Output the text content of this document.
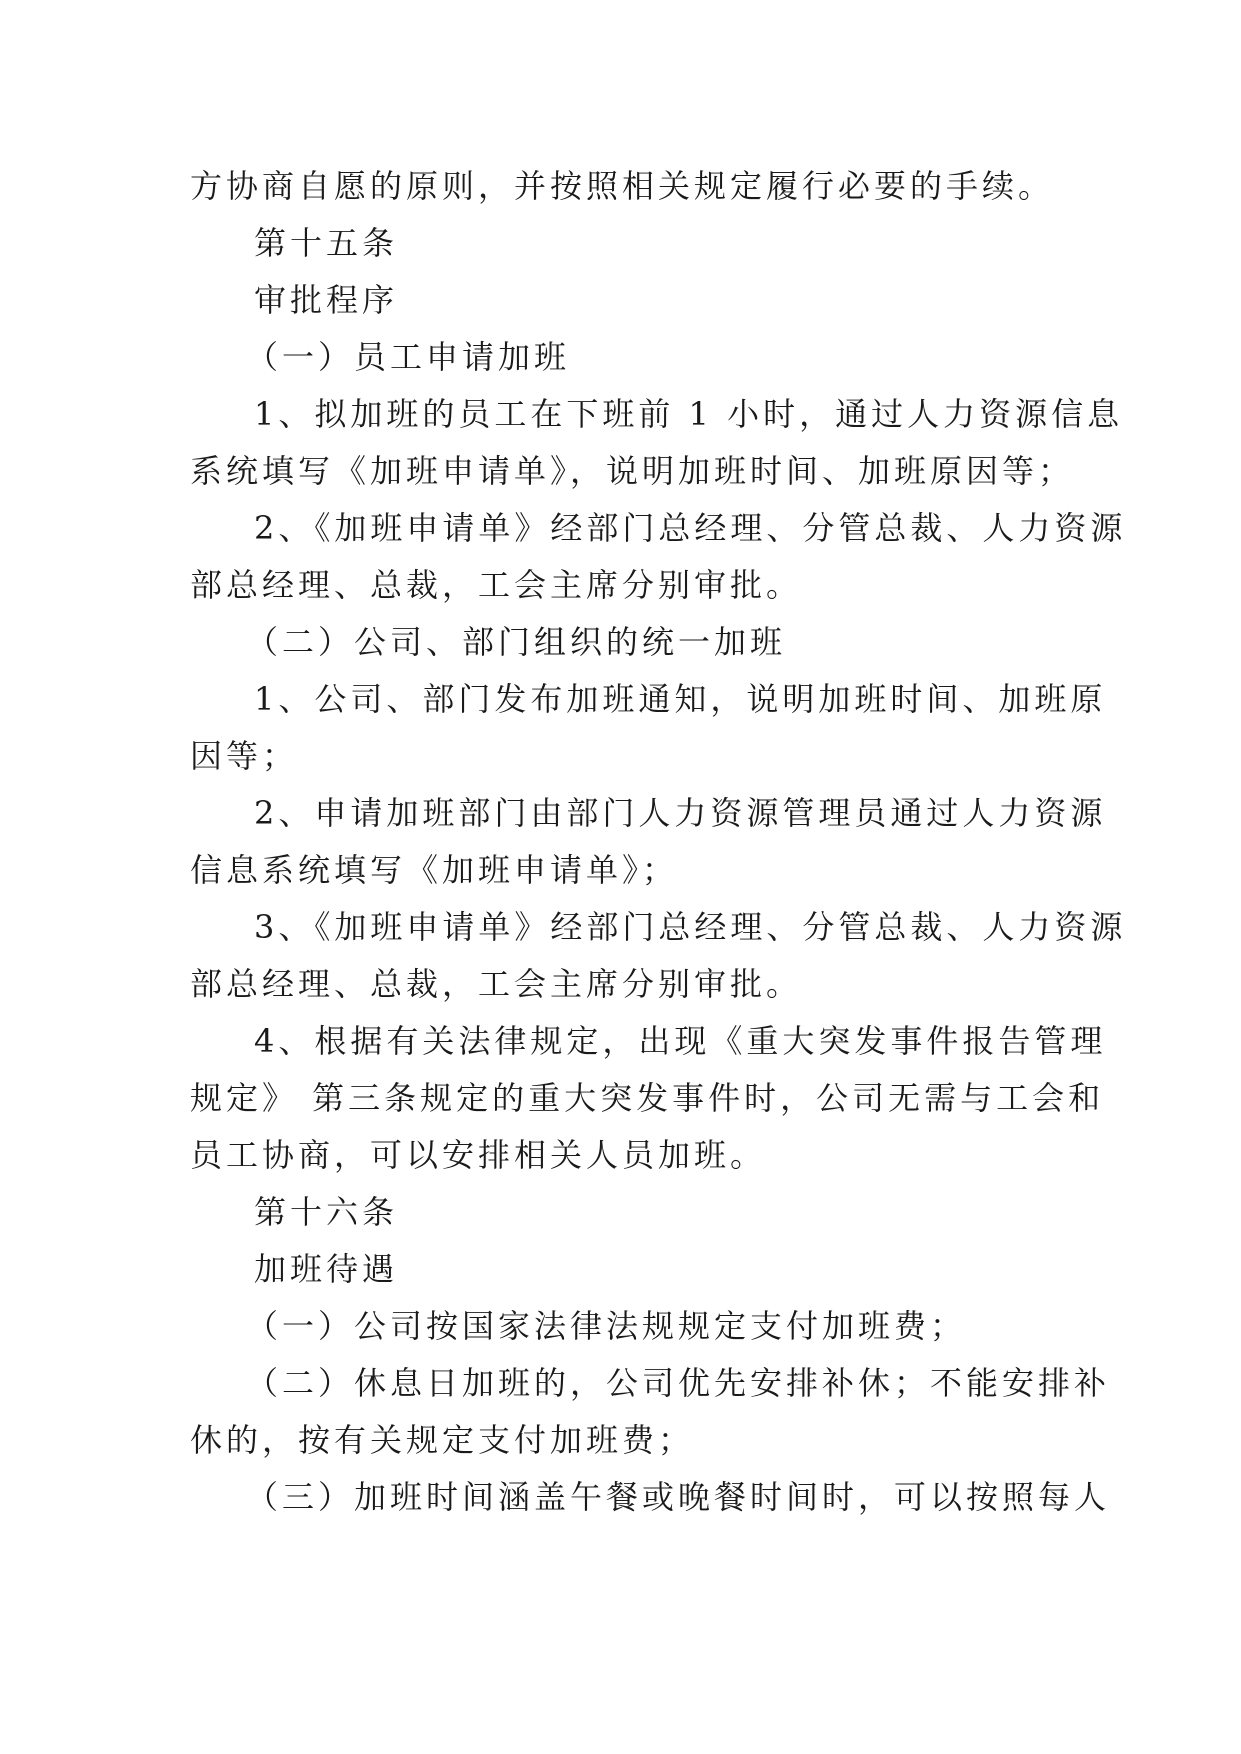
方协商自愿的原则，并按照相关规定履行必要的手续。
第十五条
审批程序
（一）员工申请加班
1、拟加班的员工在下班前 1 小时，通过人力资源信息
系统填写《加班申请单》，说明加班时间、加班原因等；
2、《加班申请单》经部门总经理、分管总裁、人力资源
部总经理、总裁，工会主席分别审批。
（二）公司、部门组织的统一加班
1、公司、部门发布加班通知，说明加班时间、加班原
因等；
2、申请加班部门由部门人力资源管理员通过人力资源
信息系统填写《加班申请单》；
3、《加班申请单》经部门总经理、分管总裁、人力资源
部总经理、总裁，工会主席分别审批。
4、根据有关法律规定，出现《重大突发事件报告管理
规定》 第三条规定的重大突发事件时，公司无需与工会和
员工协商，可以安排相关人员加班。
第十六条
加班待遇
（一）公司按国家法律法规规定支付加班费；
（二）休息日加班的，公司优先安排补休；不能安排补
休的，按有关规定支付加班费；
（三）加班时间涵盖午餐或晚餐时间时，可以按照每人
